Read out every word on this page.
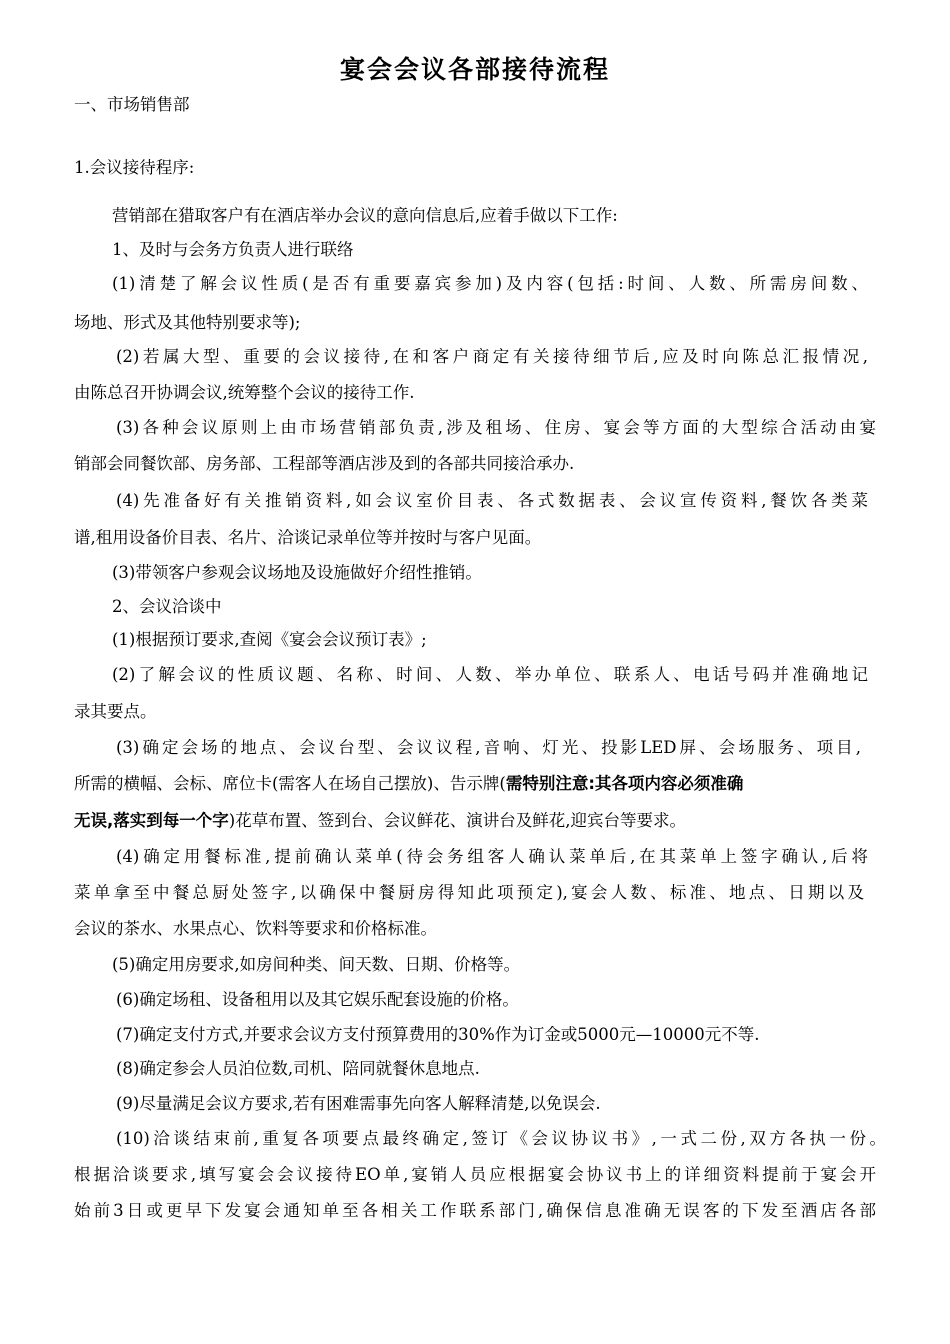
宴会会议各部接待流程
一、市场销售部
1.会议接待程序:
营销部在猎取客户有在酒店举办会议的意向信息后,应着手做以下工作:
1、及时与会务方负责人进行联络
(1)清楚了解会议性质(是否有重要嘉宾参加)及内容(包括:时间、人数、所需房间数、
场地、形式及其他特别要求等);
(2)若属大型、重要的会议接待,在和客户商定有关接待细节后,应及时向陈总汇报情况,
由陈总召开协调会议,统筹整个会议的接待工作.
(3)各种会议原则上由市场营销部负责,涉及租场、住房、宴会等方面的大型综合活动由宴
销部会同餐饮部、房务部、工程部等酒店涉及到的各部共同接洽承办.
(4)先准备好有关推销资料,如会议室价目表、各式数据表、会议宣传资料,餐饮各类菜
谱,租用设备价目表、名片、洽谈记录单位等并按时与客户见面。
(3)带领客户参观会议场地及设施做好介绍性推销。
2、会议洽谈中
(1)根据预订要求,查阅《宴会会议预订表》;
(2)了解会议的性质议题、名称、时间、人数、举办单位、联系人、电话号码并准确地记
录其要点。
(3)确定会场的地点、会议台型、会议议程,音响、灯光、投影LED屏、会场服务、项目,
所需的横幅、会标、席位卡(需客人在场自己摆放)、告示牌(需特别注意:其各项内容必须准确
无误,落实到每一个字)花草布置、签到台、会议鲜花、演讲台及鲜花,迎宾台等要求。
(4)确定用餐标准,提前确认菜单(待会务组客人确认菜单后,在其菜单上签字确认,后将
菜单拿至中餐总厨处签字,以确保中餐厨房得知此项预定),宴会人数、标准、地点、日期以及
会议的茶水、水果点心、饮料等要求和价格标准。
(5)确定用房要求,如房间种类、间天数、日期、价格等。
(6)确定场租、设备租用以及其它娱乐配套设施的价格。
(7)确定支付方式,并要求会议方支付预算费用的30%作为订金或5000元—10000元不等.
(8)确定参会人员泊位数,司机、陪同就餐休息地点.
(9)尽量满足会议方要求,若有困难需事先向客人解释清楚,以免误会.
(10)洽谈结束前,重复各项要点最终确定,签订《会议协议书》,一式二份,双方各执一份。
根据洽谈要求,填写宴会会议接待EO单,宴销人员应根据宴会协议书上的详细资料提前于宴会开
始前3日或更早下发宴会通知单至各相关工作联系部门,确保信息准确无误客的下发至酒店各部
